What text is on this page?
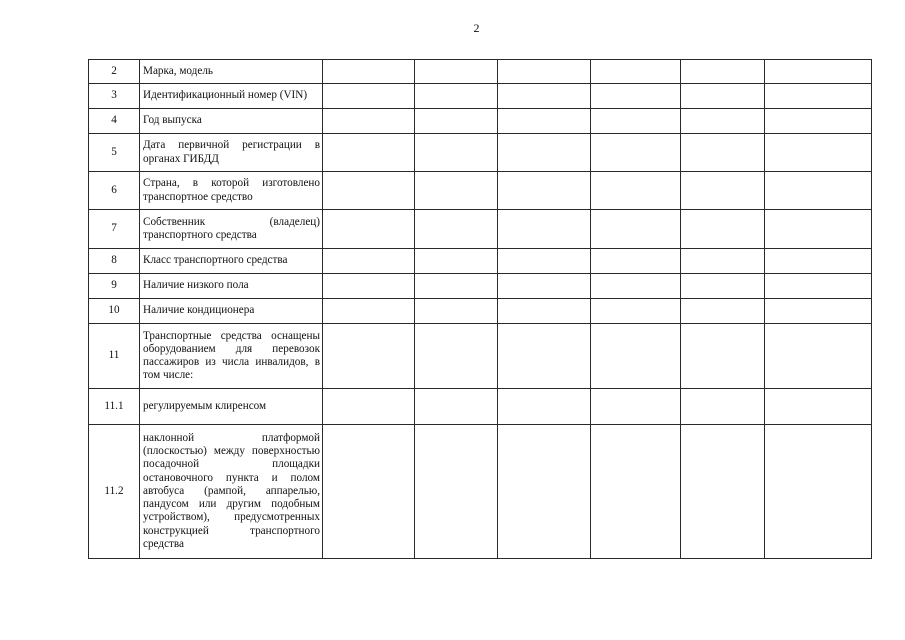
2
2	Марка, модель						
3	Идентификационный номер (VIN)						
4	Год выпуска						
5	Дата первичной регистрации в органах ГИБДД						
6	Страна, в которой изготовлено транспортное средство						
7	Собственник (владелец) транспортного средства						
8	Класс транспортного средства						
9	Наличие низкого пола						
10	Наличие кондиционера						
11	Транспортные средства оснащены оборудованием для перевозок пассажиров из числа инвалидов, в том числе:						
11.1	регулируемым клиренсом						
11.2	наклонной платформой (плоскостью) между поверхностью посадочной площадки остановочного пункта и полом автобуса (рампой, аппарелью, пандусом или другим подобным устройством), предусмотренных конструкцией транспортного средства						
